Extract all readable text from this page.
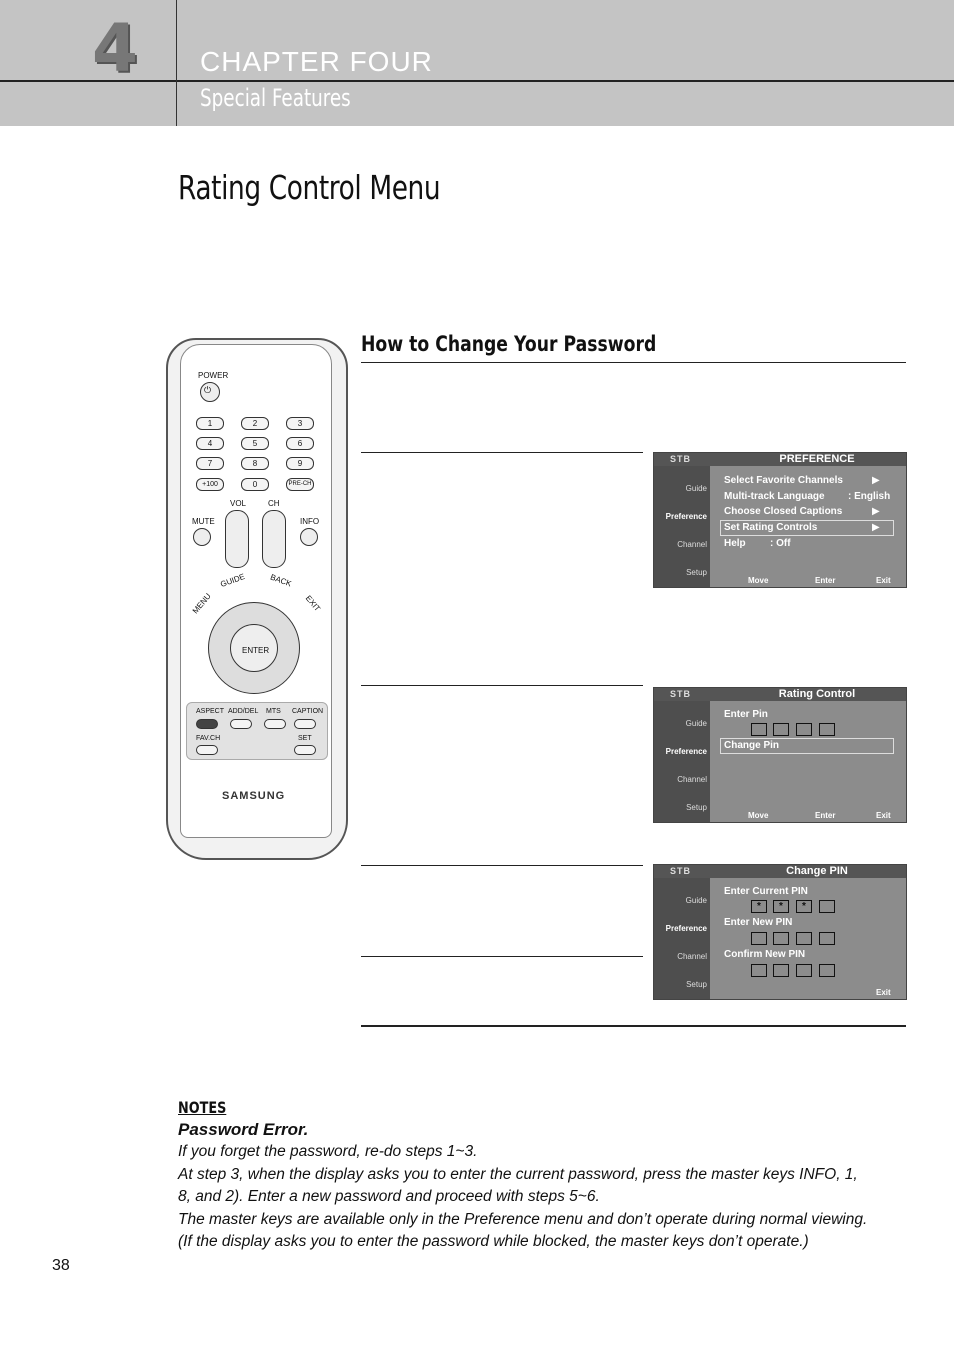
4 CHAPTER FOUR
Special Features
Rating Control Menu
How to Change Your Password
POWER
⏻
1	2	3
4	5	6
7	8	9
+100	0	PRE-CH
VOL	CH
MUTE	INFO
GUIDE	BACK
MENU	EXIT
ENTER
ASPECT ADD/DEL MTS CAPTION
FAV.CH	SET
SAMSUNG
STB	PREFERENCE
Guide
Preference
Channel
Setup
Select Favorite Channels	▶
Multi-track Language : English
Choose Closed Captions	▶
Set Rating Controls	▶
Help : Off
Move	Enter	Exit
STB	Rating Control
Guide
Preference
Channel
Setup
Enter Pin
Change Pin
Move	Enter	Exit
STB	Change PIN
Guide
Preference
Channel
Setup
Enter Current PIN
*	*	*
Enter New PIN
Confirm New PIN
Exit
NOTES
Password Error.
If you forget the password, re-do steps 1~3.
At step 3, when the display asks you to enter the current password, press the master keys INFO, 1,
8, and 2). Enter a new password and proceed with steps 5~6.
The master keys are available only in the Preference menu and don’t operate during normal viewing.
(If the display asks you to enter the password while blocked, the master keys don’t operate.)
38
